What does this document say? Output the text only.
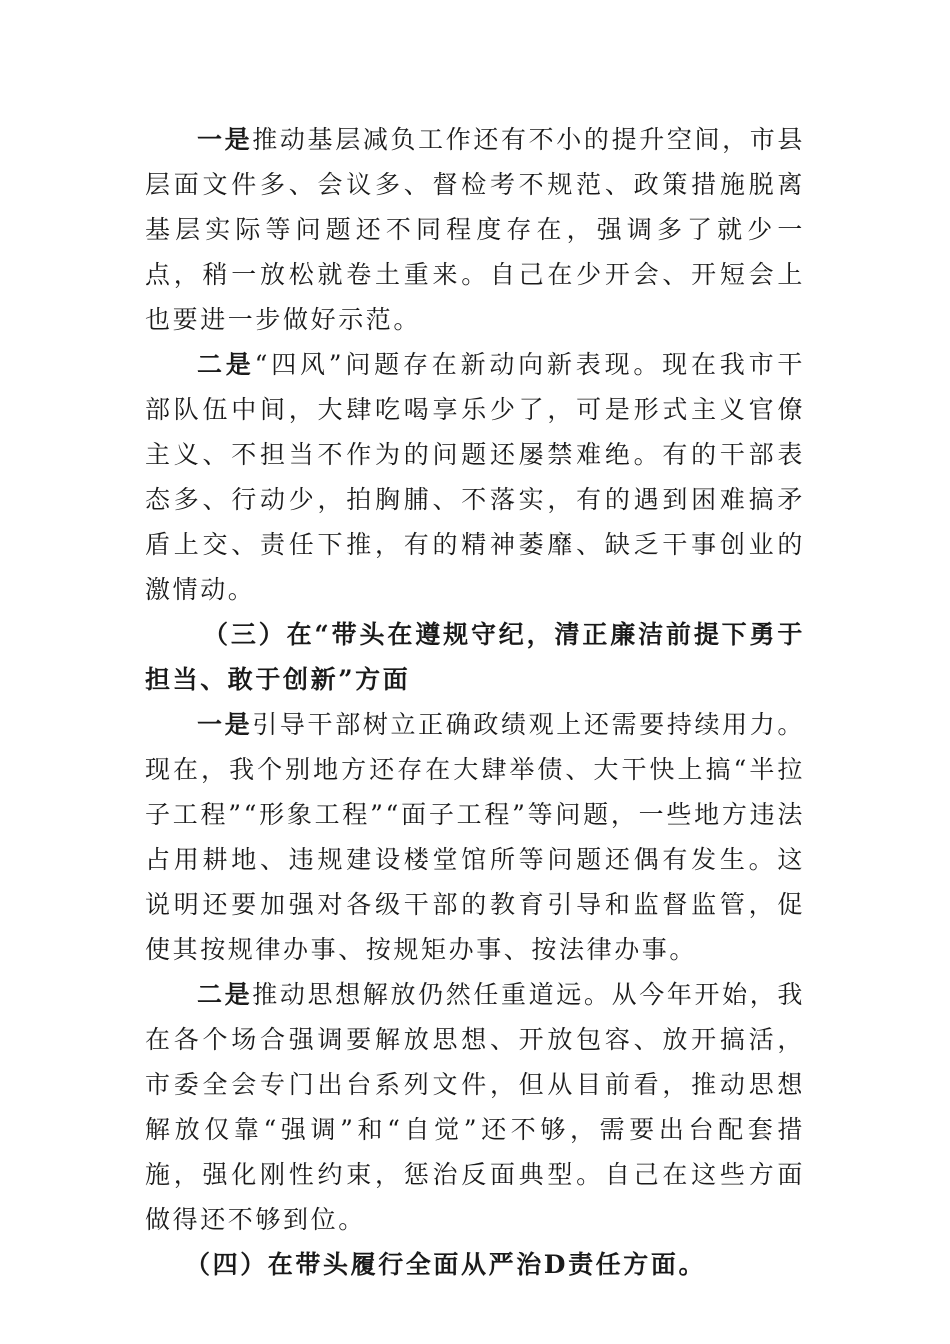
一是推动基层减负工作还有不小的提升空间，市县层面文件多、会议多、督检考不规范、政策措施脱离基层实际等问题还不同程度存在，强调多了就少一点，稍一放松就卷土重来。自己在少开会、开短会上也要进一步做好示范。

二是“四风”问题存在新动向新表现。现在我市干部队伍中间，大肆吃喝享乐少了，可是形式主义官僚主义、不担当不作为的问题还屡禁难绝。有的干部表态多、行动少，拍胸脯、不落实，有的遇到困难搞矛盾上交、责任下推，有的精神萎靡、缺乏干事创业的激情动。

（三）在“带头在遵规守纪，清正廉洁前提下勇于担当、敢于创新”方面

一是引导干部树立正确政绩观上还需要持续用力。现在，我个别地方还存在大肆举债、大干快上搞“半拉子工程”“形象工程”“面子工程”等问题，一些地方违法占用耕地、违规建设楼堂馆所等问题还偶有发生。这说明还要加强对各级干部的教育引导和监督监管，促使其按规律办事、按规矩办事、按法律办事。

二是推动思想解放仍然任重道远。从今年开始，我在各个场合强调要解放思想、开放包容、放开搞活，市委全会专门出台系列文件，但从目前看，推动思想解放仅靠“强调”和“自觉”还不够，需要出台配套措施，强化刚性约束，惩治反面典型。自己在这些方面做得还不够到位。

（四）在带头履行全面从严治D责任方面。
